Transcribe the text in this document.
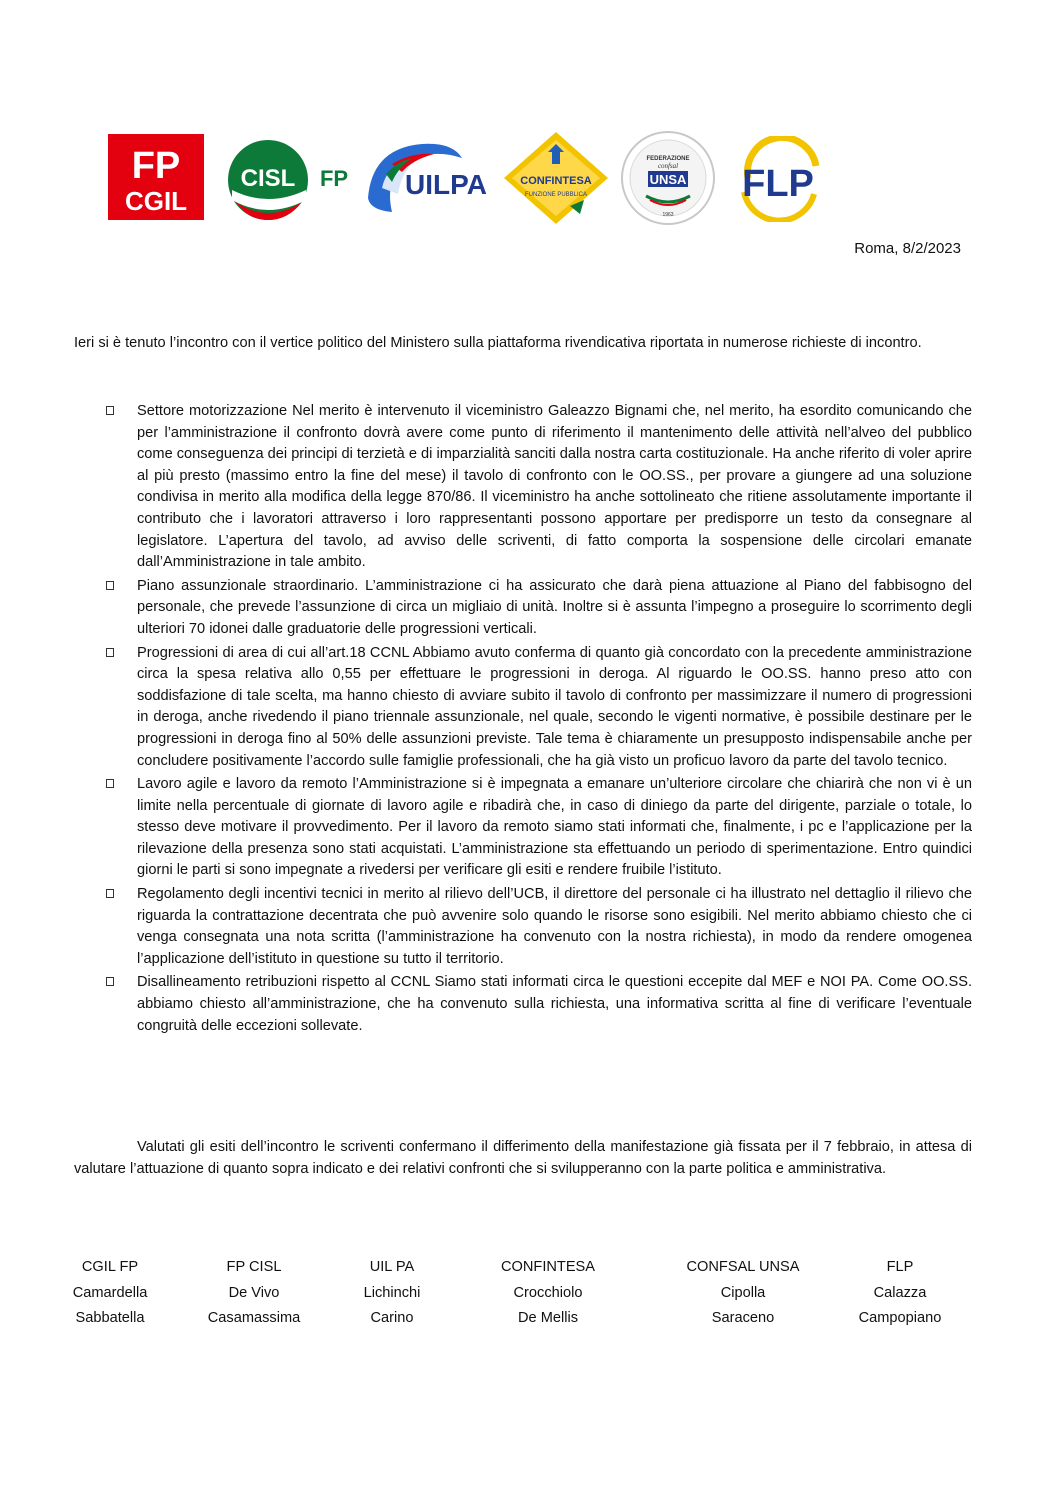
FP
CGIL
CISL FP UILPA	CONFINTESA
FUNZIONE PUBBLICA
FEDERAZIONE
confsal
UNSA
1963
FLP
Roma, 8/2/2023
Ieri si è tenuto l’incontro con il vertice politico del Ministero sulla piattaforma rivendicativa riportata in numerose richieste di incontro.
Settore motorizzazione Nel merito è intervenuto il viceministro Galeazzo Bignami che, nel merito, ha esordito comunicando che per l’amministrazione il confronto dovrà avere come punto di riferimento il mantenimento delle attività nell’alveo del pubblico come conseguenza dei principi di terzietà e di imparzialità sanciti dalla nostra carta costituzionale. Ha anche riferito di voler aprire al più presto (massimo entro la fine del mese) il tavolo di confronto con le OO.SS., per provare a giungere ad una soluzione condivisa in merito alla modifica della legge 870/86. Il viceministro ha anche sottolineato che ritiene assolutamente importante il contributo che i lavoratori attraverso i loro rappresentanti possono apportare per predisporre un testo da consegnare al legislatore. L’apertura del tavolo, ad avviso delle scriventi, di fatto comporta la sospensione delle circolari emanate dall’Amministrazione in tale ambito.
Piano assunzionale straordinario. L’amministrazione ci ha assicurato che darà piena attuazione al Piano del fabbisogno del personale, che prevede l’assunzione di circa un migliaio di unità. Inoltre si è assunta l’impegno a proseguire lo scorrimento degli ulteriori 70 idonei dalle graduatorie delle progressioni verticali.
Progressioni di area di cui all’art.18 CCNL Abbiamo avuto conferma di quanto già concordato con la precedente amministrazione circa la spesa relativa allo 0,55 per effettuare le progressioni in deroga. Al riguardo le OO.SS. hanno preso atto con soddisfazione di tale scelta, ma hanno chiesto di avviare subito il tavolo di confronto per massimizzare il numero di progressioni in deroga, anche rivedendo il piano triennale assunzionale, nel quale, secondo le vigenti normative, è possibile destinare per le progressioni in deroga fino al 50% delle assunzioni previste. Tale tema è chiaramente un presupposto indispensabile anche per concludere positivamente l’accordo sulle famiglie professionali, che ha già visto un proficuo lavoro da parte del tavolo tecnico.
Lavoro agile e lavoro da remoto l’Amministrazione si è impegnata a emanare un’ulteriore circolare che chiarirà che non vi è un limite nella percentuale di giornate di lavoro agile e ribadirà che, in caso di diniego da parte del dirigente, parziale o totale, lo stesso deve motivare il provvedimento. Per il lavoro da remoto siamo stati informati che, finalmente, i pc e l’applicazione per la rilevazione della presenza sono stati acquistati. L’amministrazione sta effettuando un periodo di sperimentazione. Entro quindici giorni le parti si sono impegnate a rivedersi per verificare gli esiti e rendere fruibile l’istituto.
Regolamento degli incentivi tecnici in merito al rilievo dell’UCB, il direttore del personale ci ha illustrato nel dettaglio il rilievo che riguarda la contrattazione decentrata che può avvenire solo quando le risorse sono esigibili. Nel merito abbiamo chiesto che ci venga consegnata una nota scritta (l’amministrazione ha convenuto con la nostra richiesta), in modo da rendere omogenea l’applicazione dell’istituto in questione su tutto il territorio.
Disallineamento retribuzioni rispetto al CCNL Siamo stati informati circa le questioni eccepite dal MEF e NOI PA. Come OO.SS. abbiamo chiesto all’amministrazione, che ha convenuto sulla richiesta, una informativa scritta al fine di verificare l’eventuale congruità delle eccezioni sollevate.
Valutati gli esiti dell’incontro le scriventi confermano il differimento della manifestazione già fissata per il 7 febbraio, in attesa di valutare l’attuazione di quanto sopra indicato e dei relativi confronti che si svilupperanno con la parte politica e amministrativa.
CGIL FP
Camardella
Sabbatella
FP CISL
De Vivo
Casamassima
UIL PA
Lichinchi
Carino
CONFINTESA
Crocchiolo
De Mellis
CONFSAL UNSA
Cipolla
Saraceno
FLP
Calazza
Campopiano
